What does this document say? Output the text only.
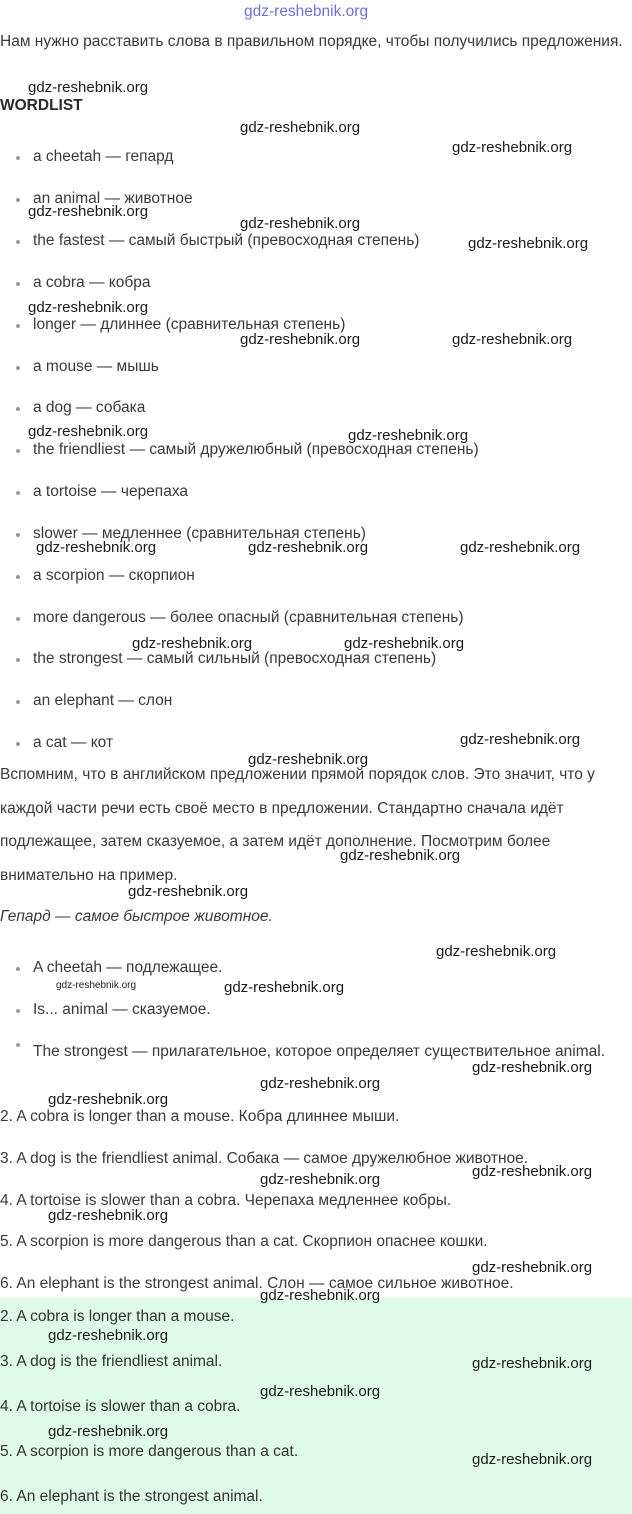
gdz-reshebnik.org
Нам нужно расставить слова в правильном порядке, чтобы получились предложения.
WORDLIST
a cheetah — гепард
an animal — животное
the fastest — самый быстрый (превосходная степень)
a cobra — кобра
longer — длиннее (сравнительная степень)
a mouse — мышь
a dog — собака
the friendliest — самый дружелюбный (превосходная степень)
a tortoise — черепаха
slower — медленнее (сравнительная степень)
a scorpion — скорпион
more dangerous — более опасный (сравнительная степень)
the strongest — самый сильный (превосходная степень)
an elephant — слон
a cat — кот
Вспомним, что в английском предложении прямой порядок слов. Это значит, что у каждой части речи есть своё место в предложении. Стандартно сначала идёт подлежащее, затем сказуемое, а затем идёт дополнение. Посмотрим более внимательно на пример.
Гепард — самое быстрое животное.
A cheetah — подлежащее.
Is... animal — сказуемое.
The strongest — прилагательное, которое определяет существительное animal.
2. A cobra is longer than a mouse. Кобра длиннее мыши.
3. A dog is the friendliest animal. Собака — самое дружелюбное животное.
4. A tortoise is slower than a cobra. Черепаха медленнее кобры.
5. A scorpion is more dangerous than a cat. Скорпион опаснее кошки.
6. An elephant is the strongest animal. Слон — самое сильное животное.
2. A cobra is longer than a mouse.
3. A dog is the friendliest animal.
4. A tortoise is slower than a cobra.
5. A scorpion is more dangerous than a cat.
6. An elephant is the strongest animal.
gdz-reshebnik.org
gdz-reshebnik.org
gdz-reshebnik.org
gdz-reshebnik.org
gdz-reshebnik.org
gdz-reshebnik.org
gdz-reshebnik.org
gdz-reshebnik.org	gdz-reshebnik.org
gdz-reshebnik.org	gdz-reshebnik.org
gdz-reshebnik.org	gdz-reshebnik.org	gdz-reshebnik.org
gdz-reshebnik.org	gdz-reshebnik.org
gdz-reshebnik.org
gdz-reshebnik.org
gdz-reshebnik.org
gdz-reshebnik.org
gdz-reshebnik.org
gdz-reshebnik.org	gdz-reshebnik.org
gdz-reshebnik.org
gdz-reshebnik.org
gdz-reshebnik.org
gdz-reshebnik.org
gdz-reshebnik.org
gdz-reshebnik.org
gdz-reshebnik.org
gdz-reshebnik.org
gdz-reshebnik.org
gdz-reshebnik.org
gdz-reshebnik.org
gdz-reshebnik.org
gdz-reshebnik.org
